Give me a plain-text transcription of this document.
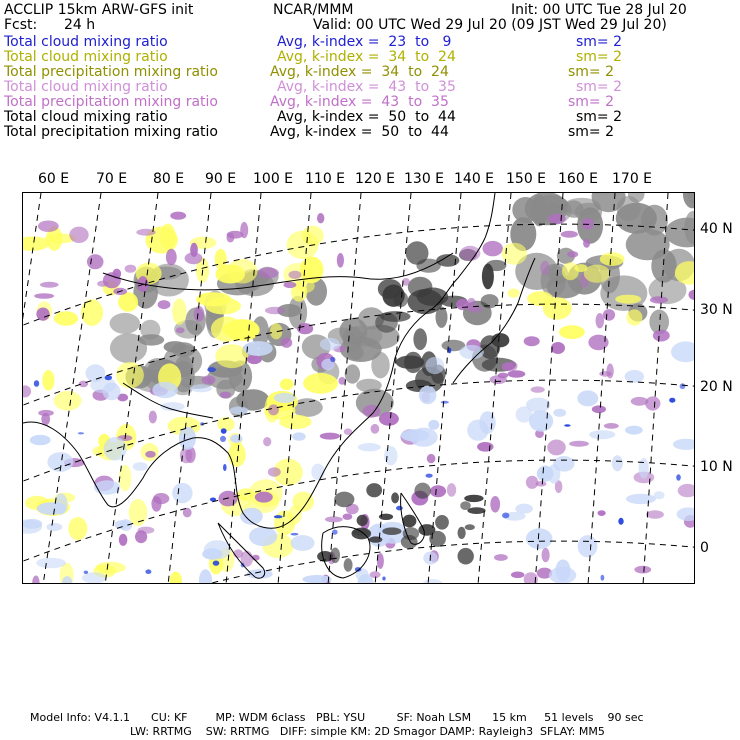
ACCLIP 15km ARW-GFS init	NCAR/MMM	Init: 00 UTC Tue 28 Jul 20
Fcst: 24 h	Valid: 00 UTC Wed 29 Jul 20 (09 JST Wed 29 Jul 20)
Total cloud mixing ratio	Avg, k-index =  23  to   9	sm= 2
Total cloud mixing ratio	Avg, k-index =  34  to  24	sm= 2
Total precipitation mixing ratio	Avg, k-index =  34  to  24	sm= 2
Total cloud mixing ratio	Avg, k-index =  43  to  35	sm= 2
Total precipitation mixing ratio	Avg, k-index =  43  to  35	sm= 2
Total cloud mixing ratio	Avg, k-index =  50  to  44	sm= 2
Total precipitation mixing ratio	Avg, k-index =  50  to  44	sm= 2
60 E 70 E 80 E 90 E 100 E 110 E 120 E 130 E 140 E 150 E 160 E 170 E
40 N
30 N
20 N
10 N
0
Model Info: V4.1.1      CU: KF        MP: WDM 6class   PBL: YSU         SF: Noah LSM      15 km     51 levels    90 sec
LW: RRTMG    SW: RRTMG   DIFF: simple KM: 2D Smagor DAMP: Rayleigh3  SFLAY: MM5
